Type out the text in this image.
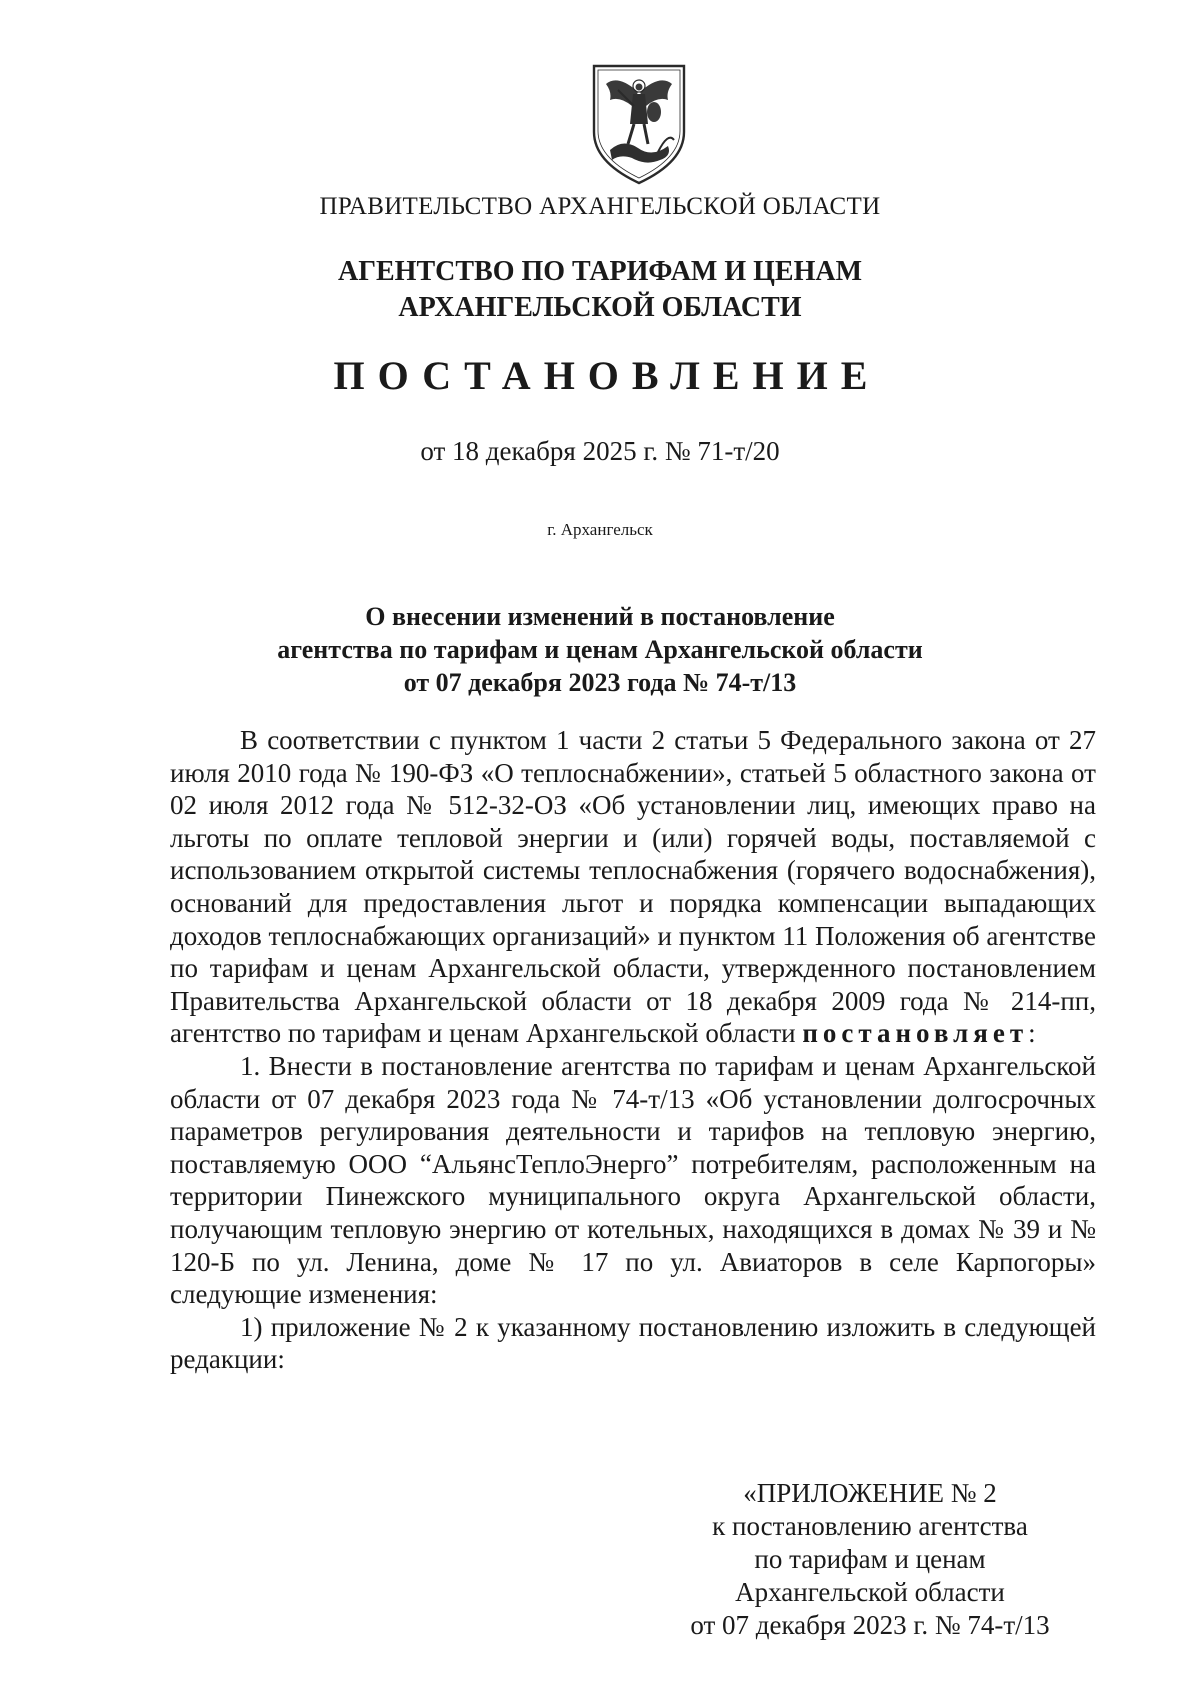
ПРАВИТЕЛЬСТВО АРХАНГЕЛЬСКОЙ ОБЛАСТИ
АГЕНТСТВО ПО ТАРИФАМ И ЦЕНАМ
АРХАНГЕЛЬСКОЙ ОБЛАСТИ
ПОСТАНОВЛЕНИЕ
от 18 декабря 2025 г. № 71-т/20
г. Архангельск
О внесении изменений в постановление
агентства по тарифам и ценам Архангельской области
от 07 декабря 2023 года № 74-т/13

В соответствии с пунктом 1 части 2 статьи 5 Федерального закона от 27 июля 2010 года № 190-ФЗ «О теплоснабжении», статьей 5 областного закона от 02 июля 2012 года № 512-32-ОЗ «Об установлении лиц, имеющих право на льготы по оплате тепловой энергии и (или) горячей воды, поставляемой с использованием открытой системы теплоснабжения (горячего водоснабжения), оснований для предоставления льгот и порядка компенсации выпадающих доходов теплоснабжающих организаций» и пунктом 11 Положения об агентстве по тарифам и ценам Архангельской области, утвержденного постановлением Правительства Архангельской области от 18 декабря 2009 года № 214-пп, агентство по тарифам и ценам Архангельской области постановляет:

1. Внести в постановление агентства по тарифам и ценам Архангельской области от 07 декабря 2023 года № 74-т/13 «Об установлении долгосрочных параметров регулирования деятельности и тарифов на тепловую энергию, поставляемую ООО “АльянсТеплоЭнерго” потребителям, расположенным на территории Пинежского муниципального округа Архангельской области, получающим тепловую энергию от котельных, находящихся в домах № 39 и № 120-Б по ул. Ленина, доме № 17 по ул. Авиаторов в селе Карпогоры» следующие изменения:

1) приложение № 2 к указанному постановлению изложить в следующей редакции:

«ПРИЛОЖЕНИЕ № 2
к постановлению агентства
по тарифам и ценам
Архангельской области
от 07 декабря 2023 г. № 74-т/13
